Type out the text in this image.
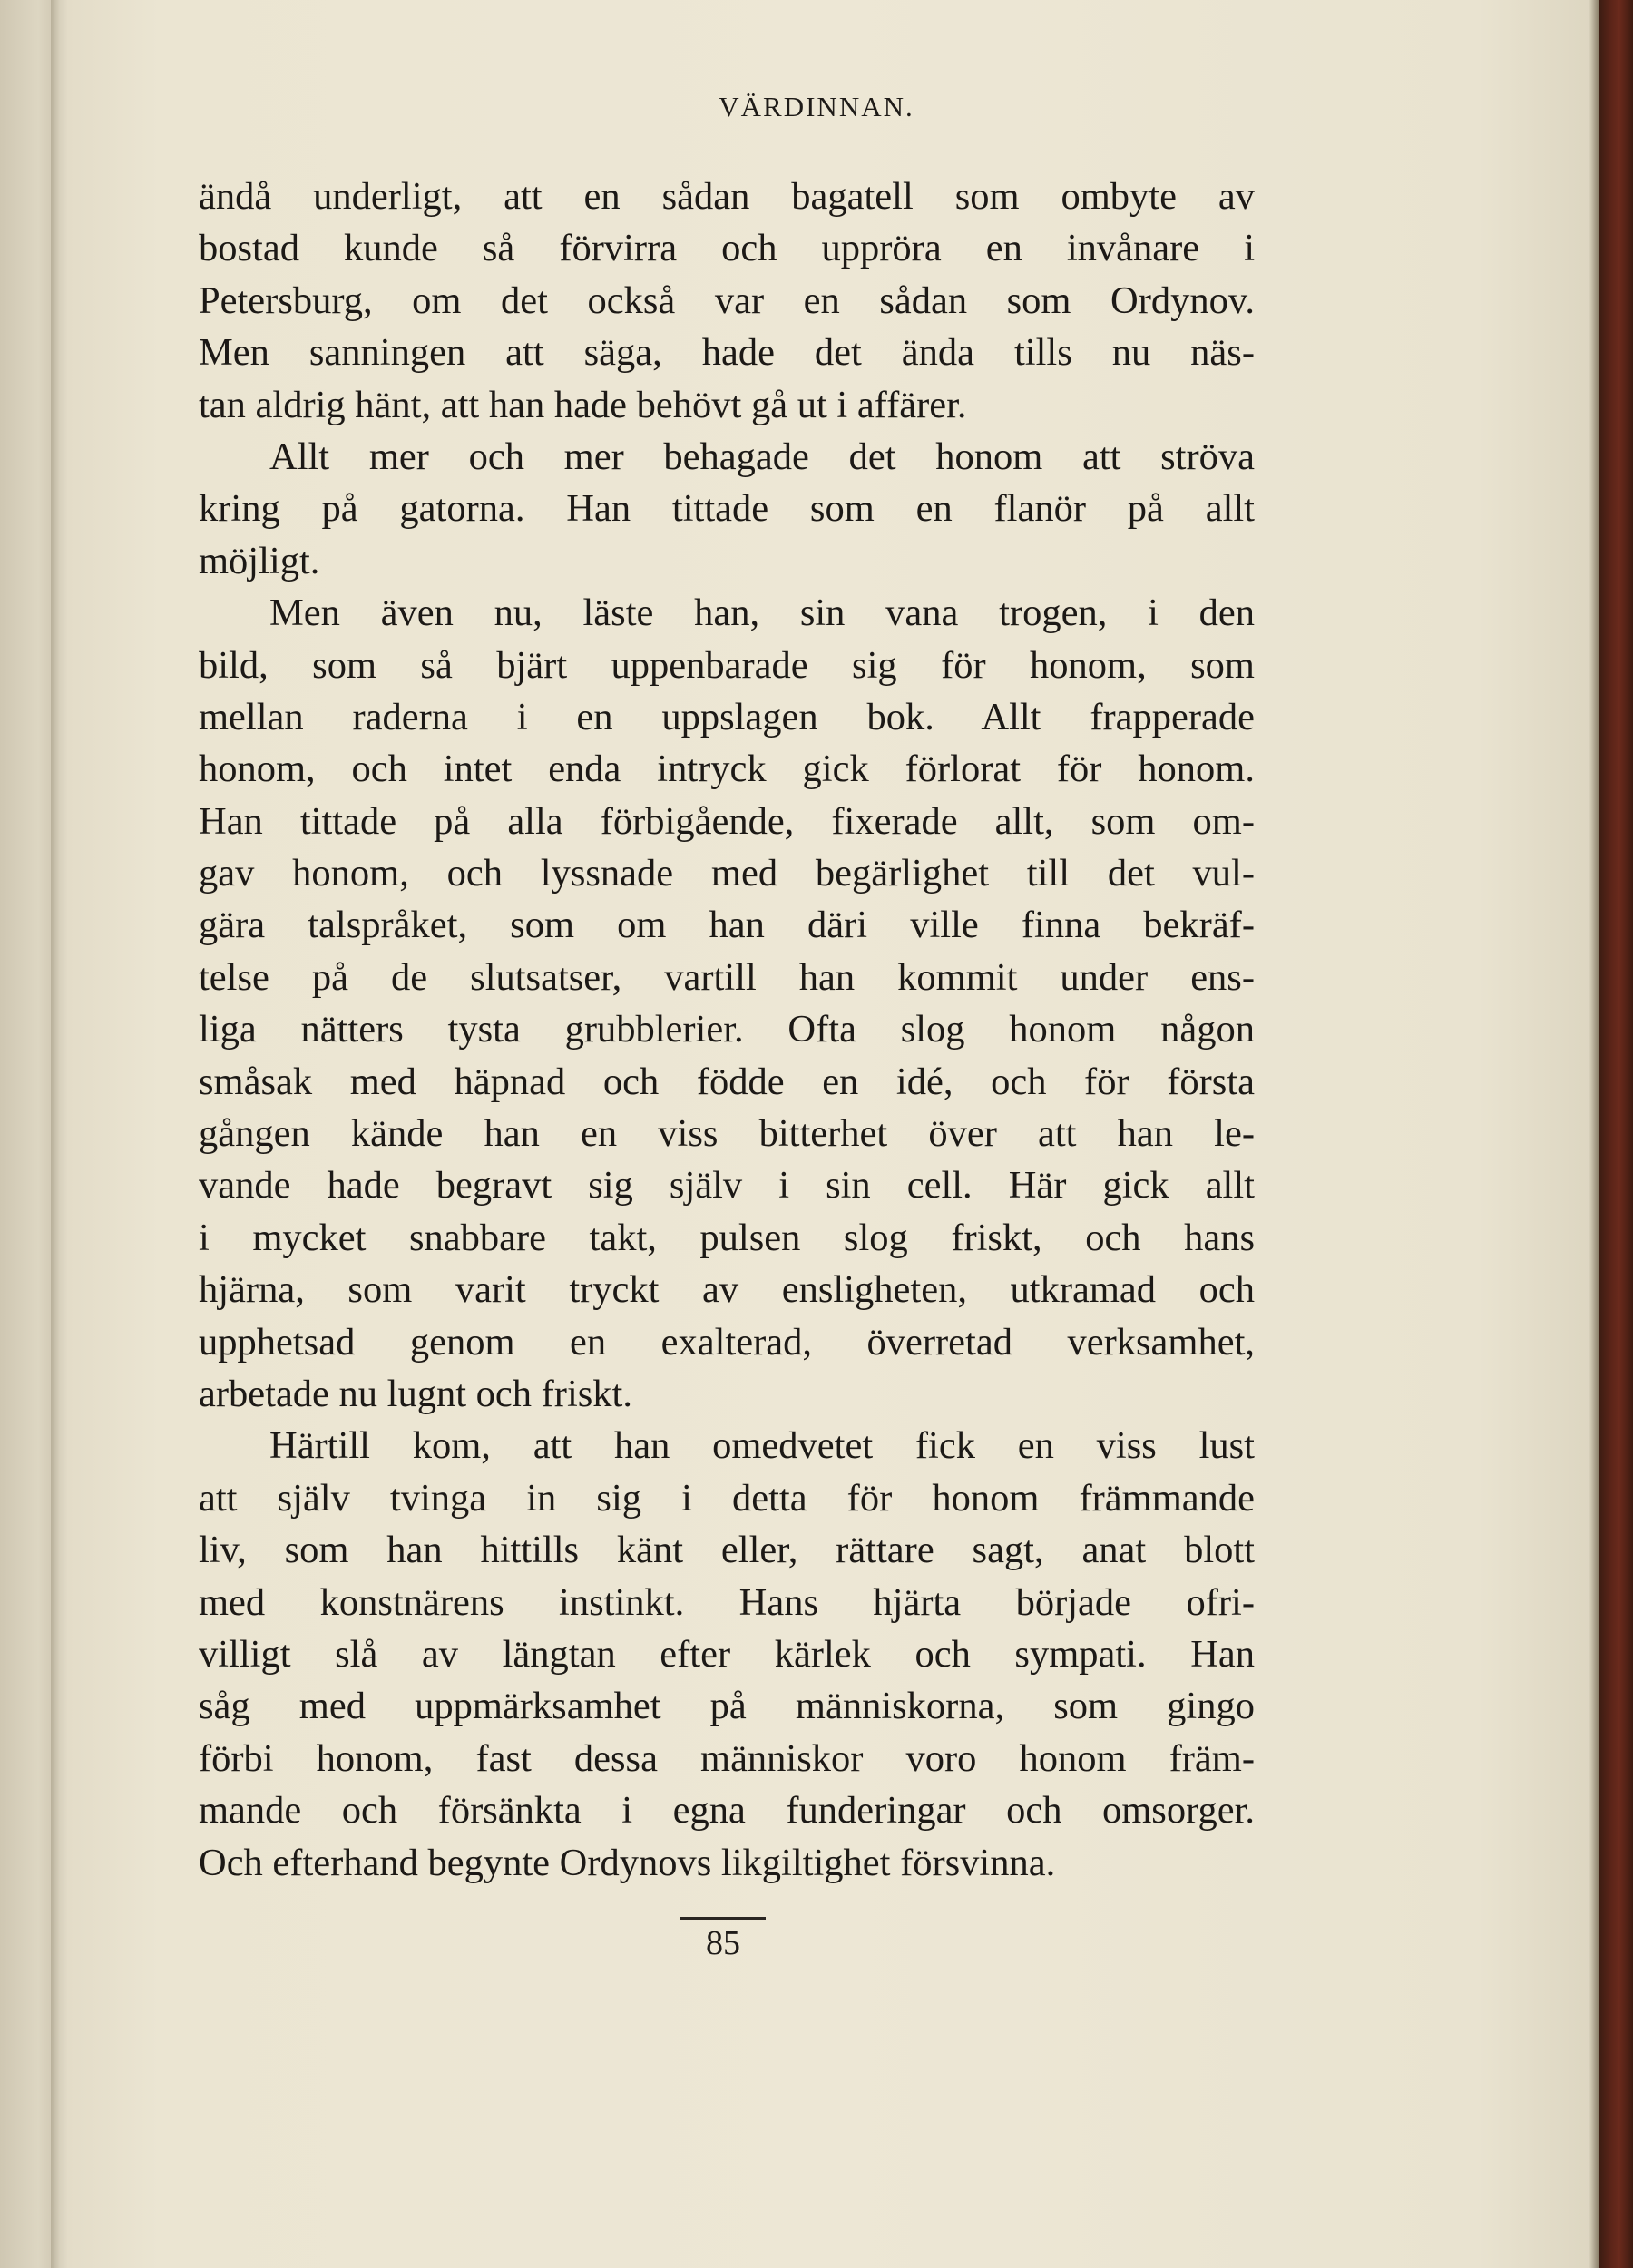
VÄRDINNAN.
ändå underligt, att en sådan bagatell som ombyte av
bostad kunde så förvirra och uppröra en invånare i
Petersburg, om det också var en sådan som Ordynov.
Men sanningen att säga, hade det ända tills nu näs-
tan aldrig hänt, att han hade behövt gå ut i affärer.
Allt mer och mer behagade det honom att ströva
kring på gatorna. Han tittade som en flanör på allt
möjligt.
Men även nu, läste han, sin vana trogen, i den
bild, som så bjärt uppenbarade sig för honom, som
mellan raderna i en uppslagen bok. Allt frapperade
honom, och intet enda intryck gick förlorat för honom.
Han tittade på alla förbigående, fixerade allt, som om-
gav honom, och lyssnade med begärlighet till det vul-
gära talspråket, som om han däri ville finna bekräf-
telse på de slutsatser, vartill han kommit under ens-
liga nätters tysta grubblerier. Ofta slog honom någon
småsak med häpnad och födde en idé, och för första
gången kände han en viss bitterhet över att han le-
vande hade begravt sig själv i sin cell. Här gick allt
i mycket snabbare takt, pulsen slog friskt, och hans
hjärna, som varit tryckt av ensligheten, utkramad och
upphetsad genom en exalterad, överretad verksamhet,
arbetade nu lugnt och friskt.
Härtill kom, att han omedvetet fick en viss lust
att själv tvinga in sig i detta för honom främmande
liv, som han hittills känt eller, rättare sagt, anat blott
med konstnärens instinkt. Hans hjärta började ofri-
villigt slå av längtan efter kärlek och sympati. Han
såg med uppmärksamhet på människorna, som gingo
förbi honom, fast dessa människor voro honom främ-
mande och försänkta i egna funderingar och omsorger.
Och efterhand begynte Ordynovs likgiltighet försvinna.
85
